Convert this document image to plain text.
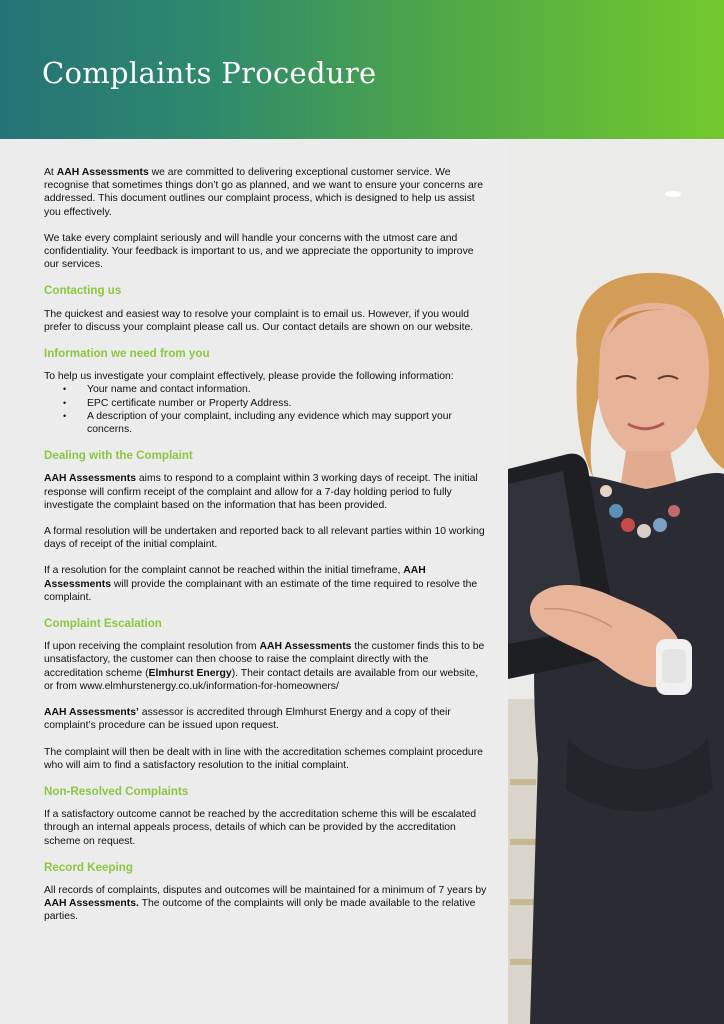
Complaints Procedure

At AAH Assessments we are committed to delivering exceptional customer service. We recognise that sometimes things don’t go as planned, and we want to ensure your concerns are addressed. This document outlines our complaint process, which is designed to help us assist you effectively.

We take every complaint seriously and will handle your concerns with the utmost care and confidentiality. Your feedback is important to us, and we appreciate the opportunity to improve our services.

Contacting us

The quickest and easiest way to resolve your complaint is to email us. However, if you would prefer to discuss your complaint please call us. Our contact details are shown on our website.

Information we need from you

To help us investigate your complaint effectively, please provide the following information:

• Your name and contact information.
• EPC certificate number or Property Address.
• A description of your complaint, including any evidence which may support your concerns.
Dealing with the Complaint

AAH Assessments aims to respond to a complaint within 3 working days of receipt. The initial response will confirm receipt of the complaint and allow for a 7-day holding period to fully investigate the complaint based on the information that has been provided.

A formal resolution will be undertaken and reported back to all relevant parties within 10 working days of receipt of the initial complaint.

If a resolution for the complaint cannot be reached within the initial timeframe, AAH Assessments will provide the complainant with an estimate of the time required to resolve the complaint.

Complaint Escalation

If upon receiving the complaint resolution from AAH Assessments the customer finds this to be unsatisfactory, the customer can then choose to raise the complaint directly with the accreditation scheme (Elmhurst Energy). Their contact details are available from our website, or from www.elmhurstenergy.co.uk/information-for-homeowners/

AAH Assessments’ assessor is accredited through Elmhurst Energy and a copy of their complaint’s procedure can be issued upon request.

The complaint will then be dealt with in line with the accreditation schemes complaint procedure who will aim to find a satisfactory resolution to the initial complaint.

Non-Resolved Complaints

If a satisfactory outcome cannot be reached by the accreditation scheme this will be escalated through an internal appeals process, details of which can be provided by the accreditation scheme on request.

Record Keeping

All records of complaints, disputes and outcomes will be maintained for a minimum of 7 years by AAH Assessments. The outcome of the complaints will only be made available to the relative parties.
